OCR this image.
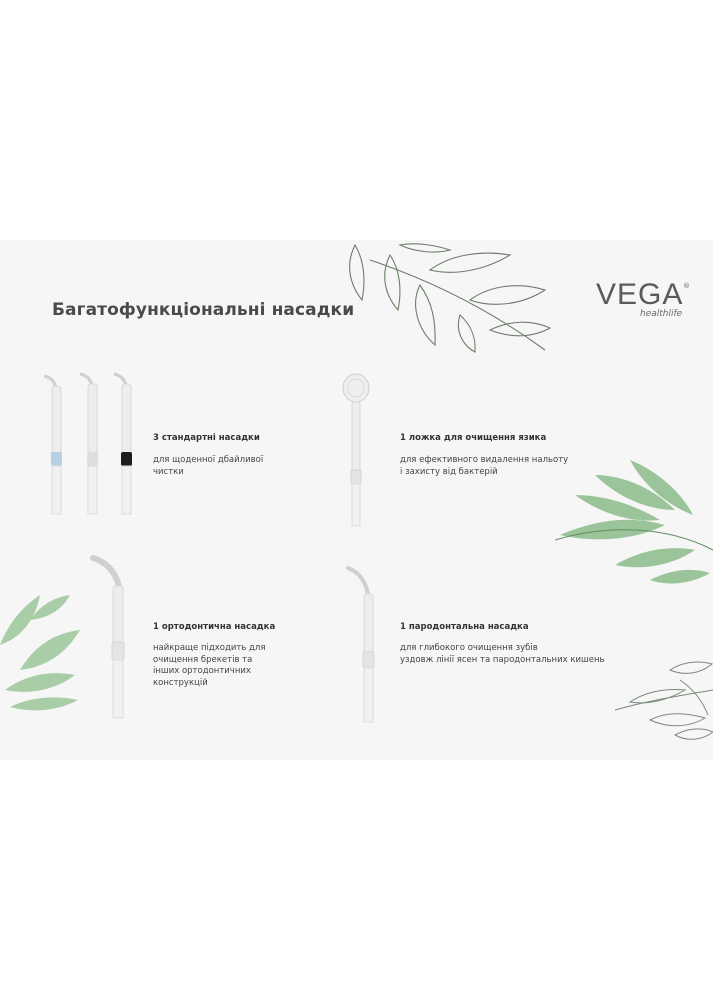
Багатофункціональні насадки	VEGA ®
healthlife
3 стандартні насадки
для щоденної дбайливої
чистки
1 ложка для очищення язика
для ефективного видалення нальоту
і захисту від бактерій
1 ортодонтична насадка
найкраще підходить для
очищення брекетів та
інших ортодонтичних
конструкцій
1 пародонтальна насадка
для глибокого очищення зубів
уздовж лінії ясен та пародонтальних кишень
